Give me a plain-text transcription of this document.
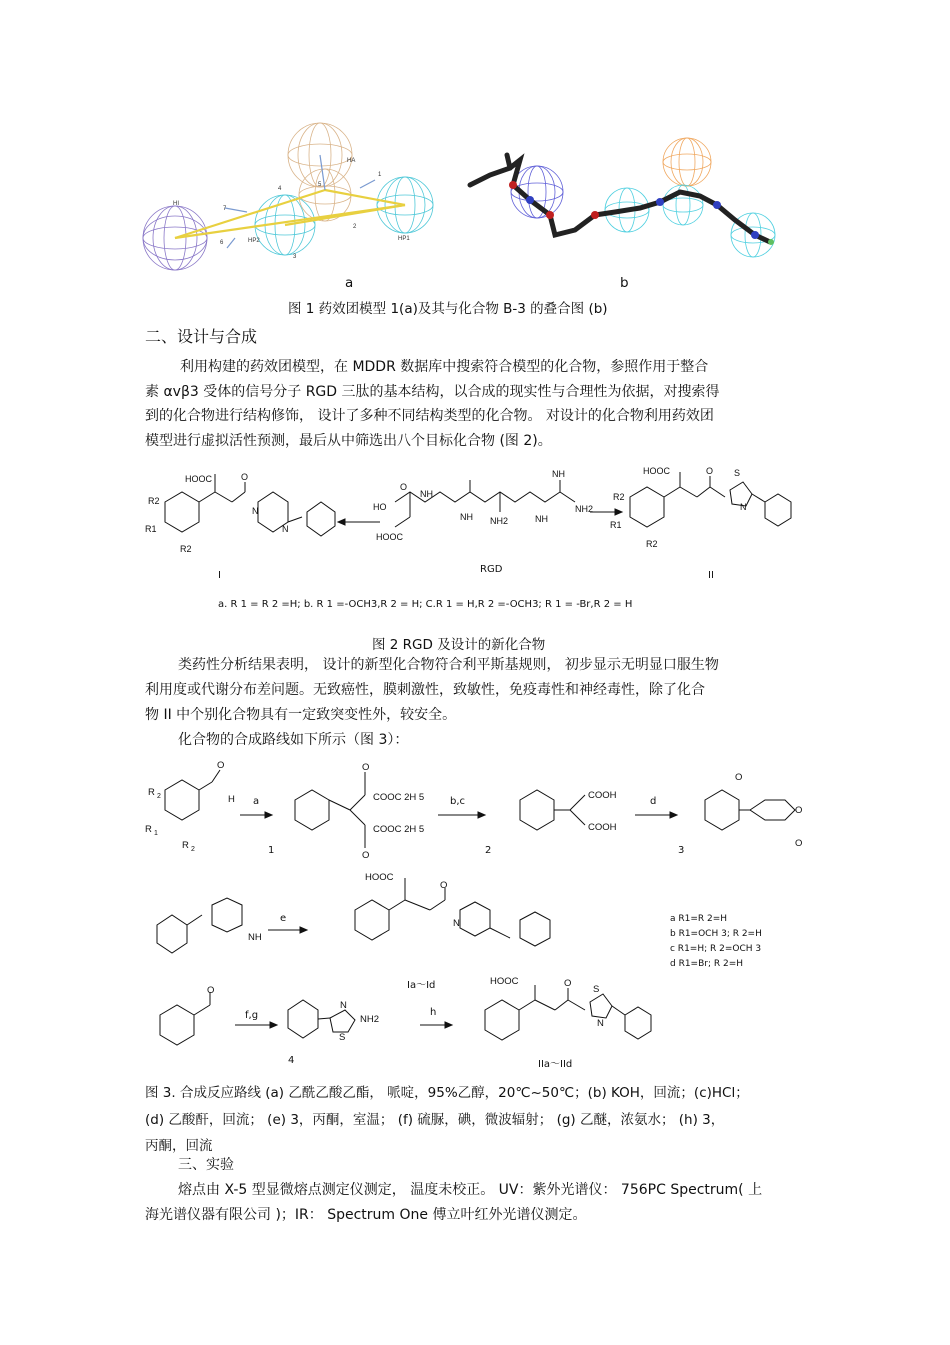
HA
HI
HP2	HP1
1
2
3
4
5
6
7
a	b
图 1 药效团模型 1(a)及其与化合物 B-3 的叠合图 (b)
二、设计与合成
利用构建的药效团模型，在 MDDR 数据库中搜索符合模型的化合物，参照作用于整合
素 αvβ3 受体的信号分子 RGD 三肽的基本结构，以合成的现实性与合理性为依据，对搜索得
到的化合物进行结构修饰， 设计了多种不同结构类型的化合物。 对设计的化合物利用药效团
模型进行虚拟活性预测，最后从中筛选出八个目标化合物 (图 2)。
HOOC	O
N
N
R2
R1
R2
HO
O
HOOC
NH
NH NH2	NH
NH
NH2
HOOC	O S
N
R2
R1
R2
I
RGD
II
a. R 1 = R 2 =H; b. R 1 =-OCH3,R 2 = H; C.R 1 = H,R 2 =-OCH3; R 1 = -Br,R 2 = H
图 2 RGD 及设计的新化合物
类药性分析结果表明， 设计的新型化合物符合利平斯基规则， 初步显示无明显口服生物
利用度或代谢分布差问题。无致癌性，膜刺激性，致敏性，免疫毒性和神经毒性，除了化合
物 II 中个别化合物具有一定致突变性外，较安全。
化合物的合成路线如下所示（图 3）：
R 2
R 1
R 2
O
H
O
O
O
O
O
COOC 2H 5
COOC 2H 5
COOH
COOH
NH
HOOC
O
N
O
N
S
NH2
HOOC	O
S
N
a	b,c	d
1	2	3
e
Ia～Id
a R1=R 2=H
b R1=OCH 3; R 2=H
c R1=H; R 2=OCH 3
d R1=Br; R 2=H
f,g
4
h
IIa～IId
图 3. 合成反应路线 (a) 乙酰乙酸乙酯， 哌啶，95%乙醇，20℃~50℃；(b) KOH，回流；(c)HCl；
(d) 乙酸酐，回流； (e) 3，丙酮，室温； (f) 硫脲，碘，微波辐射； (g) 乙醚，浓氨水； (h) 3，
丙酮，回流
三、实验
熔点由 X-5 型显微熔点测定仪测定， 温度未校正。 UV：紫外光谱仪： 756PC Spectrum( 上
海光谱仪器有限公司 )；IR： Spectrum One 傅立叶红外光谱仪测定。
